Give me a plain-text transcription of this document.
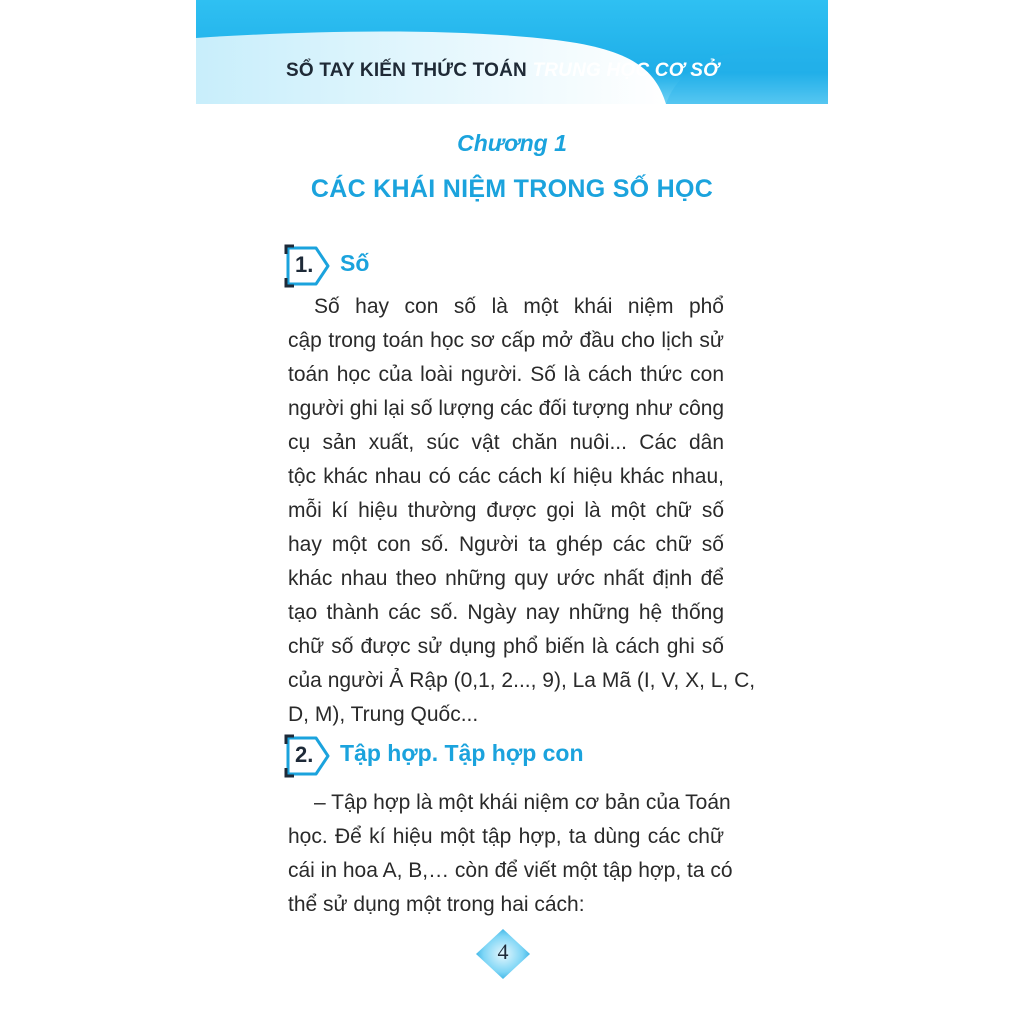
SỔ TAY KIẾN THỨC TOÁN TRUNG HỌC CƠ SỞ
Chương 1
CÁC KHÁI NIỆM TRONG SỐ HỌC
1. Số
Số hay con số là một khái niệm phổ
cập trong toán học sơ cấp mở đầu cho lịch sử
toán học của loài người. Số là cách thức con
người ghi lại số lượng các đối tượng như công
cụ sản xuất, súc vật chăn nuôi... Các dân
tộc khác nhau có các cách kí hiệu khác nhau,
mỗi kí hiệu thường được gọi là một chữ số
hay một con số. Người ta ghép các chữ số
khác nhau theo những quy ước nhất định để
tạo thành các số. Ngày nay những hệ thống
chữ số được sử dụng phổ biến là cách ghi số
của người Ả Rập (0,1, 2..., 9), La Mã (I, V, X, L, C,
D, M), Trung Quốc...
2. Tập hợp. Tập hợp con
– Tập hợp là một khái niệm cơ bản của Toán
học. Để kí hiệu một tập hợp, ta dùng các chữ
cái in hoa A, B,… còn để viết một tập hợp, ta có
thể sử dụng một trong hai cách:
4
